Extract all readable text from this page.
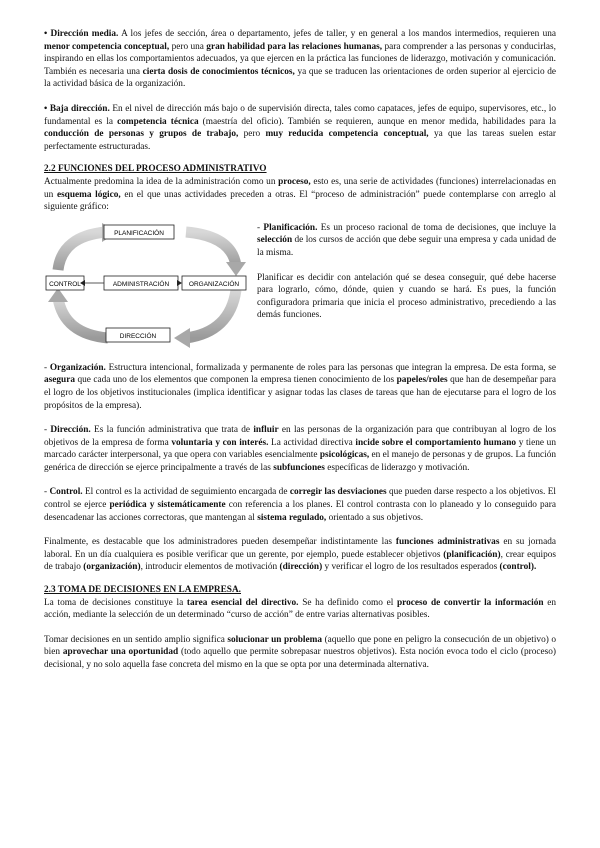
• Dirección media. A los jefes de sección, área o departamento, jefes de taller, y en general a los mandos intermedios, requieren una menor competencia conceptual, pero una gran habilidad para las relaciones humanas, para comprender a las personas y conducirlas, inspirando en ellas los comportamientos adecuados, ya que ejercen en la práctica las funciones de liderazgo, motivación y comunicación. También es necesaria una cierta dosis de conocimientos técnicos, ya que se traducen las orientaciones de orden superior al ejercicio de la actividad básica de la organización.

• Baja dirección. En el nivel de dirección más bajo o de supervisión directa, tales como capataces, jefes de equipo, supervisores, etc., lo fundamental es la competencia técnica (maestría del oficio). También se requieren, aunque en menor medida, habilidades para la conducción de personas y grupos de trabajo, pero muy reducida competencia conceptual, ya que las tareas suelen estar perfectamente estructuradas.

2.2 FUNCIONES DEL PROCESO ADMINISTRATIVO

Actualmente predomina la idea de la administración como un proceso, esto es, una serie de actividades (funciones) interrelacionadas en un esquema lógico, en el que unas actividades preceden a otras. El “proceso de administración” puede contemplarse con arreglo al siguiente gráfico:

PLANIFICACIÓN
CONTROL	ADMINISTRACIÓN	ORGANIZACIÓN
DIRECCIÓN

- Planificación. Es un proceso racional de toma de decisiones, que incluye la selección de los cursos de acción que debe seguir una empresa y cada unidad de la misma.

Planificar es decidir con antelación qué se desea conseguir, qué debe hacerse para lograrlo, cómo, dónde, quien y cuando se hará. Es pues, la función configuradora primaria que inicia el proceso administrativo, precediendo a las demás funciones.

- Organización. Estructura intencional, formalizada y permanente de roles para las personas que integran la empresa. De esta forma, se asegura que cada uno de los elementos que componen la empresa tienen conocimiento de los papeles/roles que han de desempeñar para el logro de los objetivos institucionales (implica identificar y asignar todas las clases de tareas que han de ejecutarse para el logro de los propósitos de la empresa).

- Dirección. Es la función administrativa que trata de influir en las personas de la organización para que contribuyan al logro de los objetivos de la empresa de forma voluntaria y con interés. La actividad directiva incide sobre el comportamiento humano y tiene un marcado carácter interpersonal, ya que opera con variables esencialmente psicológicas, en el manejo de personas y de grupos. La función genérica de dirección se ejerce principalmente a través de las subfunciones específicas de liderazgo y motivación.

- Control. El control es la actividad de seguimiento encargada de corregir las desviaciones que pueden darse respecto a los objetivos. El control se ejerce periódica y sistemáticamente con referencia a los planes. El control contrasta con lo planeado y lo conseguido para desencadenar las acciones correctoras, que mantengan al sistema regulado, orientado a sus objetivos.

Finalmente, es destacable que los administradores pueden desempeñar indistintamente las funciones administrativas en su jornada laboral. En un día cualquiera es posible verificar que un gerente, por ejemplo, puede establecer objetivos (planificación), crear equipos de trabajo (organización), introducir elementos de motivación (dirección) y verificar el logro de los resultados esperados (control).

2.3 TOMA DE DECISIONES EN LA EMPRESA.

La toma de decisiones constituye la tarea esencial del directivo. Se ha definido como el proceso de convertir la información en acción, mediante la selección de un determinado “curso de acción” de entre varias alternativas posibles.

Tomar decisiones en un sentido amplio significa solucionar un problema (aquello que pone en peligro la consecución de un objetivo) o bien aprovechar una oportunidad (todo aquello que permite sobrepasar nuestros objetivos). Esta noción evoca todo el ciclo (proceso) decisional, y no solo aquella fase concreta del mismo en la que se opta por una determinada alternativa.
